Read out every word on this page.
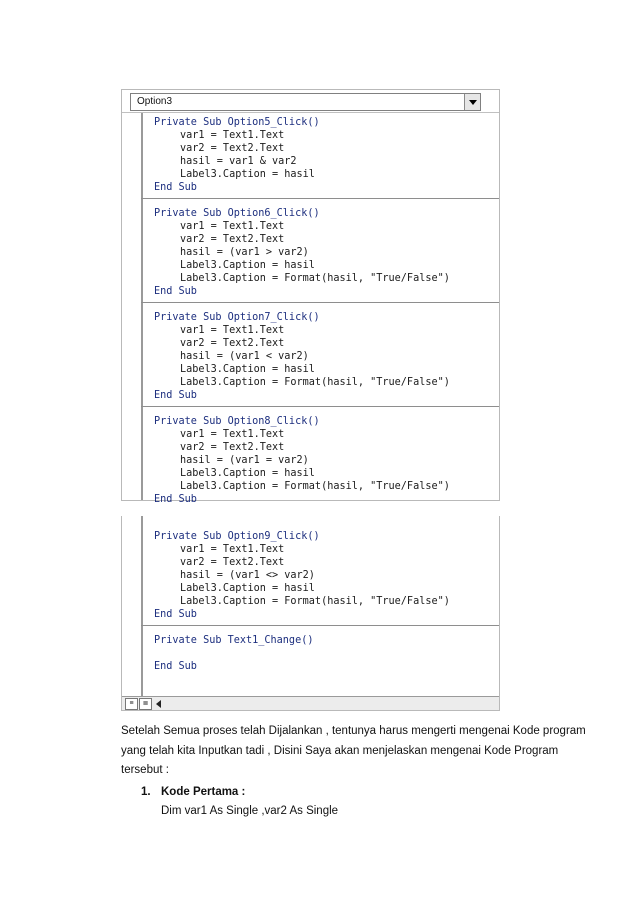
Option3
Private Sub Option5_Click()
var1 = Text1.Text
var2 = Text2.Text
hasil = var1 & var2
Label3.Caption = hasil
End Sub
Private Sub Option6_Click()
var1 = Text1.Text
var2 = Text2.Text
hasil = (var1 > var2)
Label3.Caption = hasil
Label3.Caption = Format(hasil, "True/False")
End Sub
Private Sub Option7_Click()
var1 = Text1.Text
var2 = Text2.Text
hasil = (var1 < var2)
Label3.Caption = hasil
Label3.Caption = Format(hasil, "True/False")
End Sub
Private Sub Option8_Click()
var1 = Text1.Text
var2 = Text2.Text
hasil = (var1 = var2)
Label3.Caption = hasil
Label3.Caption = Format(hasil, "True/False")
End Sub
≡	≣
Private Sub Option9_Click()
var1 = Text1.Text
var2 = Text2.Text
hasil = (var1 <> var2)
Label3.Caption = hasil
Label3.Caption = Format(hasil, "True/False")
End Sub
Private Sub Text1_Change()
End Sub
Setelah Semua proses telah Dijalankan , tentunya harus mengerti mengenai Kode program
yang telah kita Inputkan tadi , Disini Saya akan menjelaskan mengenai Kode Program
tersebut :
1. Kode Pertama :
Dim var1 As Single ,var2 As Single
